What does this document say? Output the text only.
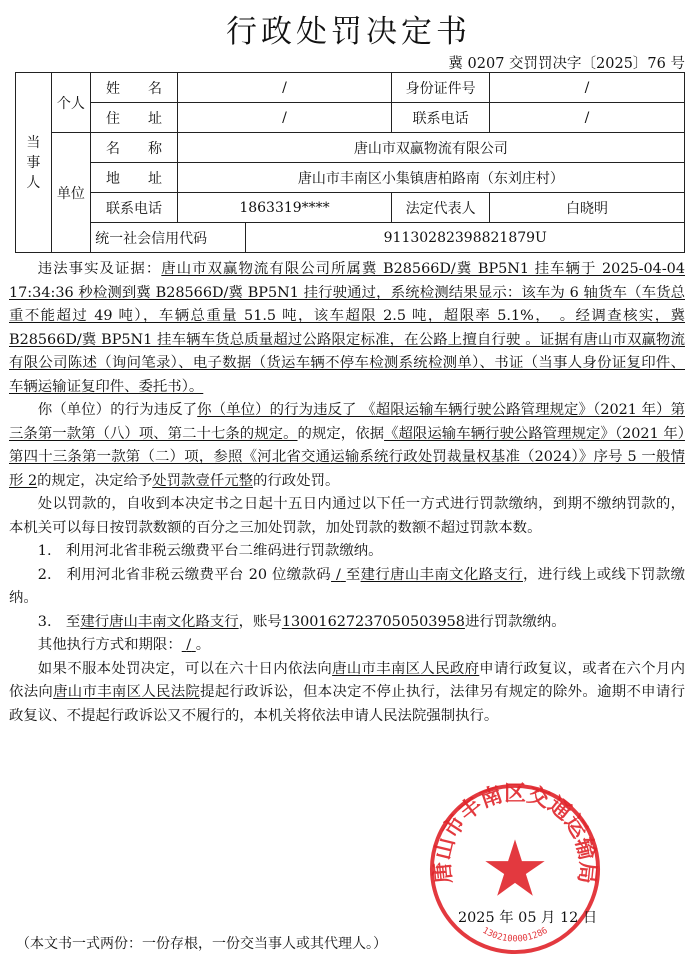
行政处罚决定书
冀 0207 交罚罚决字〔2025〕76 号
当事人	个人	姓　　名	/		身份证件号	/
		住　　址	/		联系电话	/
	单位	名　　称	唐山市双赢物流有限公司			
		地　　址	唐山市丰南区小集镇唐柏路南（东刘庄村）			
		联系电话	1863319****		法定代表人	白晓明
		统一社会信用代码		91130282398821879U		

违法事实及证据：唐山市双赢物流有限公司所属冀 B28566D/冀 BP5N1 挂车辆于 2025-04-04 17:34:36 秒检测到冀 B28566D/冀 BP5N1 挂行驶通过，系统检测结果显示：该车为 6 轴货车（车货总重不能超过 49 吨），车辆总重量 51.5 吨，该车超限 2.5 吨，超限率 5.1%，　。经调查核实，冀 B28566D/冀 BP5N1 挂车辆车货总质量超过公路限定标准，在公路上擅自行驶 。证据有唐山市双赢物流有限公司陈述（询问笔录）、电子数据（货运车辆不停车检测系统检测单）、书证（当事人身份证复印件、车辆运输证复印件、委托书）。

你（单位）的行为违反了你（单位）的行为违反了 《超限运输车辆行驶公路管理规定》（2021 年）第三条第一款第（八）项、第二十七条的规定。的规定，依据《超限运输车辆行驶公路管理规定》（2021 年）第四十三条第一款第（二）项，参照《河北省交通运输系统行政处罚裁量权基准（2024）》序号 5 一般情形 2的规定，决定给予处罚款壹仟元整的行政处罚。

处以罚款的，自收到本决定书之日起十五日内通过以下任一方式进行罚款缴纳，到期不缴纳罚款的，本机关可以每日按罚款数额的百分之三加处罚款，加处罚款的数额不超过罚款本数。

1.　利用河北省非税云缴费平台二维码进行罚款缴纳。

2.　利用河北省非税云缴费平台 20 位缴款码 / 至建行唐山丰南文化路支行，进行线上或线下罚款缴纳。

3.　至建行唐山丰南文化路支行，账号13001627237050503958进行罚款缴纳。

其他执行方式和期限： / 。

如果不服本处罚决定，可以在六十日内依法向唐山市丰南区人民政府申请行政复议，或者在六个月内依法向唐山市丰南区人民法院提起行政诉讼，但本决定不停止执行，法律另有规定的除外。逾期不申请行政复议、不提起行政诉讼又不履行的，本机关将依法申请人民法院强制执行。

唐山市丰南区交通运输局
1302100001286
2025 年 05 月 12 日
（本文书一式两份：一份存根，一份交当事人或其代理人。）
